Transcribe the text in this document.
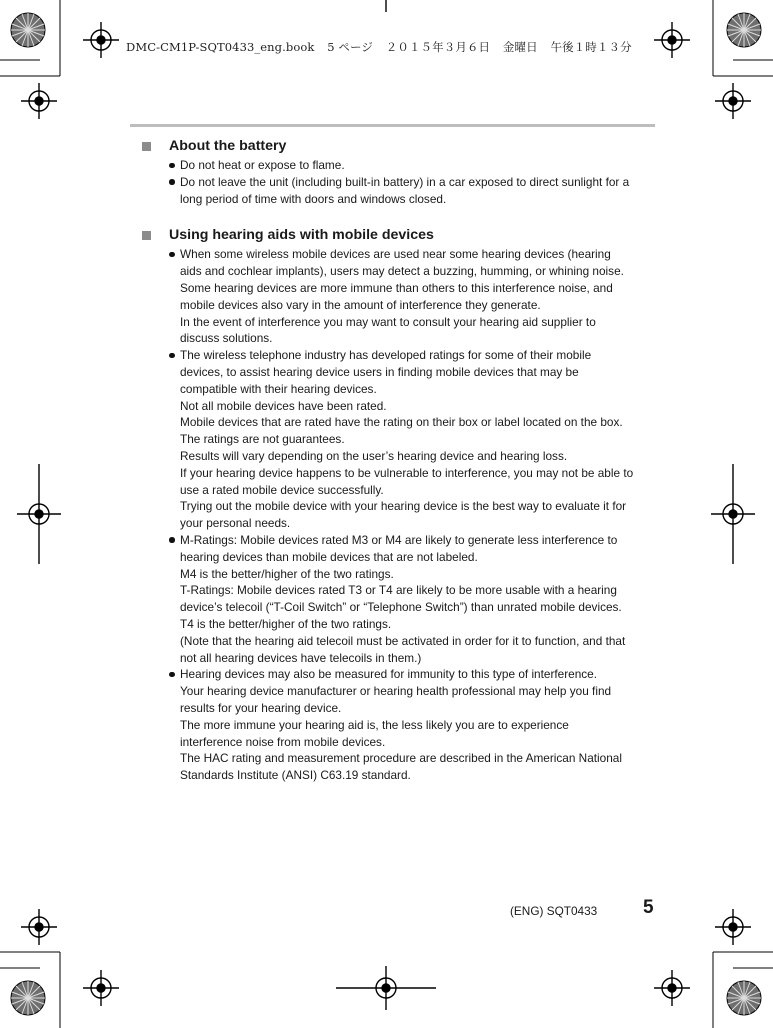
DMC-CM1P-SQT0433_eng.book 5 ページ ２０１５年３月６日 金曜日 午後１時１３分
About the battery
Do not heat or expose to flame.
Do not leave the unit (including built-in battery) in a car exposed to direct sunlight for a
long period of time with doors and windows closed.
Using hearing aids with mobile devices
When some wireless mobile devices are used near some hearing devices (hearing
aids and cochlear implants), users may detect a buzzing, humming, or whining noise.
Some hearing devices are more immune than others to this interference noise, and
mobile devices also vary in the amount of interference they generate.
In the event of interference you may want to consult your hearing aid supplier to
discuss solutions.
The wireless telephone industry has developed ratings for some of their mobile
devices, to assist hearing device users in finding mobile devices that may be
compatible with their hearing devices.
Not all mobile devices have been rated.
Mobile devices that are rated have the rating on their box or label located on the box.
The ratings are not guarantees.
Results will vary depending on the user’s hearing device and hearing loss.
If your hearing device happens to be vulnerable to interference, you may not be able to
use a rated mobile device successfully.
Trying out the mobile device with your hearing device is the best way to evaluate it for
your personal needs.
M-Ratings: Mobile devices rated M3 or M4 are likely to generate less interference to
hearing devices than mobile devices that are not labeled.
M4 is the better/higher of the two ratings.
T-Ratings: Mobile devices rated T3 or T4 are likely to be more usable with a hearing
device’s telecoil (“T-Coil Switch” or “Telephone Switch”) than unrated mobile devices.
T4 is the better/higher of the two ratings.
(Note that the hearing aid telecoil must be activated in order for it to function, and that
not all hearing devices have telecoils in them.)
Hearing devices may also be measured for immunity to this type of interference.
Your hearing device manufacturer or hearing health professional may help you find
results for your hearing device.
The more immune your hearing aid is, the less likely you are to experience
interference noise from mobile devices.
The HAC rating and measurement procedure are described in the American National
Standards Institute (ANSI) C63.19 standard.
(ENG) SQT0433 5
